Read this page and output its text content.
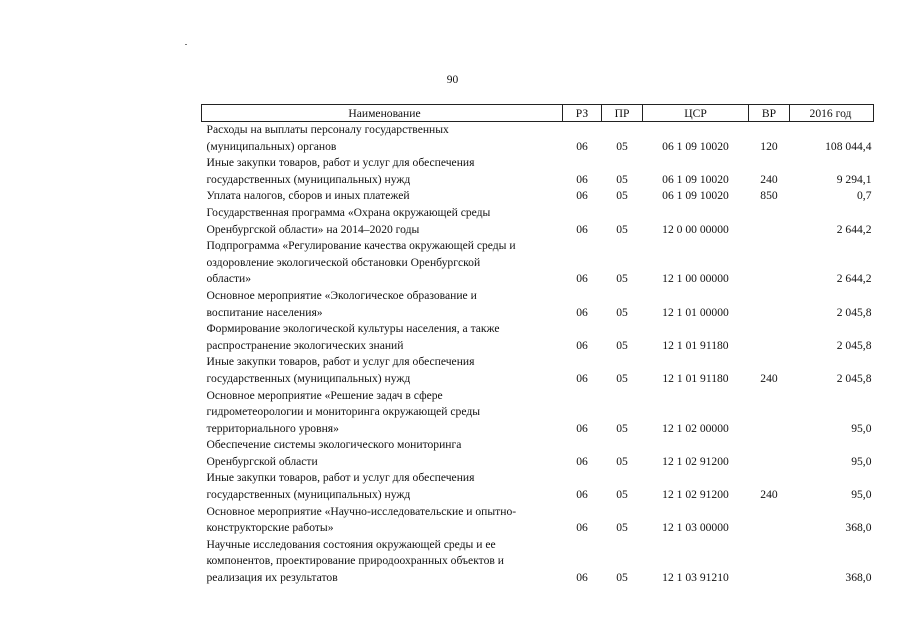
90
Наименование	РЗ	ПР	ЦСР	ВР	2016 год

Расходы на выплаты персоналу государственных
(муниципальных) органов	06	05	06 1 09 10020	120	108 044,4

Иные закупки товаров, работ и услуг для обеспечения
государственных (муниципальных) нужд	06	05	06 1 09 10020	240	9 294,1

Уплата налогов, сборов и иных платежей	06	05	06 1 09 10020	850	0,7

Государственная программа «Охрана окружающей среды
Оренбургской области» на 2014–2020 годы	06	05	12 0 00 00000		2 644,2

Подпрограмма «Регулирование качества окружающей среды и
оздоровление экологической обстановки Оренбургской
области»	06	05	12 1 00 00000		2 644,2

Основное мероприятие «Экологическое образование и
воспитание населения»	06	05	12 1 01 00000		2 045,8

Формирование экологической культуры населения, а также
распространение экологических знаний	06	05	12 1 01 91180		2 045,8

Иные закупки товаров, работ и услуг для обеспечения
государственных (муниципальных) нужд	06	05	12 1 01 91180	240	2 045,8

Основное мероприятие «Решение задач в сфере
гидрометеорологии и мониторинга окружающей среды
территориального уровня»	06	05	12 1 02 00000		95,0

Обеспечение системы экологического мониторинга
Оренбургской области	06	05	12 1 02 91200		95,0

Иные закупки товаров, работ и услуг для обеспечения
государственных (муниципальных) нужд	06	05	12 1 02 91200	240	95,0

Основное мероприятие «Научно-исследовательские и опытно-
конструкторские работы»	06	05	12 1 03 00000		368,0

Научные исследования состояния окружающей среды и ее
компонентов, проектирование природоохранных объектов и
реализация их результатов	06	05	12 1 03 91210		368,0
